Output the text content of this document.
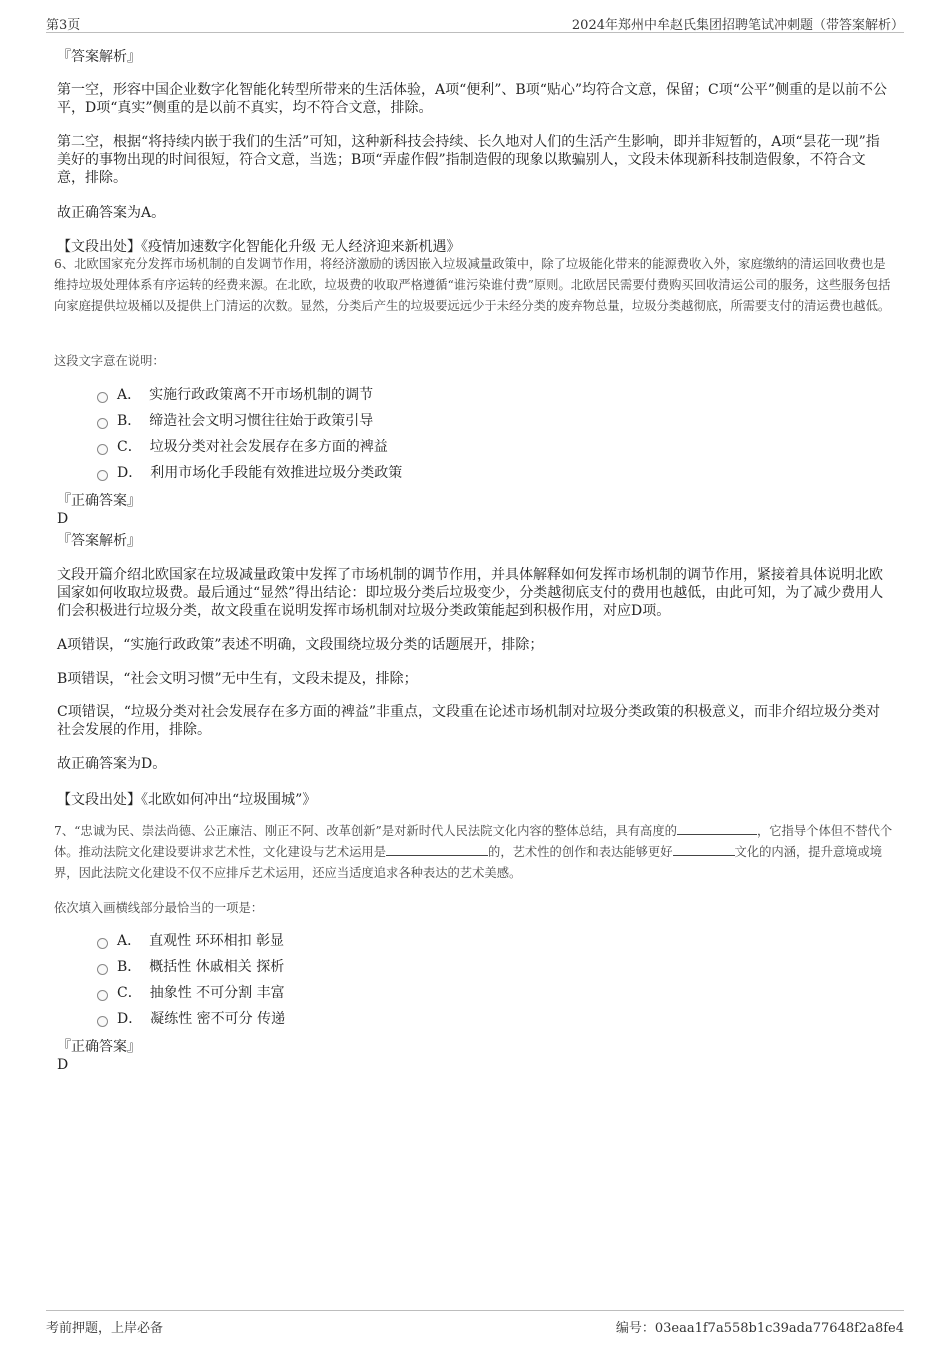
第3页	2024年郑州中牟赵氏集团招聘笔试冲刺题（带答案解析）
『答案解析』
第一空，形容中国企业数字化智能化转型所带来的生活体验，A项“便利”、B项“贴心”均符合文意，保留；C项“公平”侧重的是以前不公平，D项“真实”侧重的是以前不真实，均不符合文意，排除。
第二空，根据“将持续内嵌于我们的生活”可知，这种新科技会持续、长久地对人们的生活产生影响，即并非短暂的，A项“昙花一现”指美好的事物出现的时间很短，符合文意，当选；B项“弄虚作假”指制造假的现象以欺骗别人，文段未体现新科技制造假象，不符合文意，排除。
故正确答案为A。
【文段出处】《疫情加速数字化智能化升级 无人经济迎来新机遇》
6、北欧国家充分发挥市场机制的自发调节作用，将经济激励的诱因嵌入垃圾减量政策中，除了垃圾能化带来的能源费收入外，家庭缴纳的清运回收费也是维持垃圾处理体系有序运转的经费来源。在北欧，垃圾费的收取严格遵循“谁污染谁付费”原则。北欧居民需要付费购买回收清运公司的服务，这些服务包括向家庭提供垃圾桶以及提供上门清运的次数。显然，分类后产生的垃圾要远远少于未经分类的废弃物总量，垃圾分类越彻底，所需要支付的清运费也越低。
这段文字意在说明：
A． 实施行政政策离不开市场机制的调节
B． 缔造社会文明习惯往往始于政策引导
C． 垃圾分类对社会发展存在多方面的裨益
D． 利用市场化手段能有效推进垃圾分类政策
『正确答案』
D
『答案解析』
文段开篇介绍北欧国家在垃圾减量政策中发挥了市场机制的调节作用，并具体解释如何发挥市场机制的调节作用，紧接着具体说明北欧国家如何收取垃圾费。最后通过“显然”得出结论：即垃圾分类后垃圾变少，分类越彻底支付的费用也越低，由此可知，为了减少费用人们会积极进行垃圾分类，故文段重在说明发挥市场机制对垃圾分类政策能起到积极作用，对应D项。
A项错误，“实施行政政策”表述不明确，文段围绕垃圾分类的话题展开，排除；
B项错误，“社会文明习惯”无中生有，文段未提及，排除；
C项错误，“垃圾分类对社会发展存在多方面的裨益”非重点，文段重在论述市场机制对垃圾分类政策的积极意义，而非介绍垃圾分类对社会发展的作用，排除。
故正确答案为D。
【文段出处】《北欧如何冲出“垃圾围城”》
7、“忠诚为民、崇法尚德、公正廉洁、刚正不阿、改革创新”是对新时代人民法院文化内容的整体总结，具有高度的	，它指导个体但不替代个体。推动法院文化建设要讲求艺术性，文化建设与艺术运用是	的，艺术性的创作和表达能够更好	文化的内涵，提升意境或境界，因此法院文化建设不仅不应排斥艺术运用，还应当适度追求各种表达的艺术美感。
依次填入画横线部分最恰当的一项是：
A． 直观性 环环相扣 彰显
B． 概括性 休戚相关 探析
C． 抽象性 不可分割 丰富
D． 凝练性 密不可分 传递
『正确答案』
D
考前押题，上岸必备	编号：03eaa1f7a558b1c39ada77648f2a8fe4
